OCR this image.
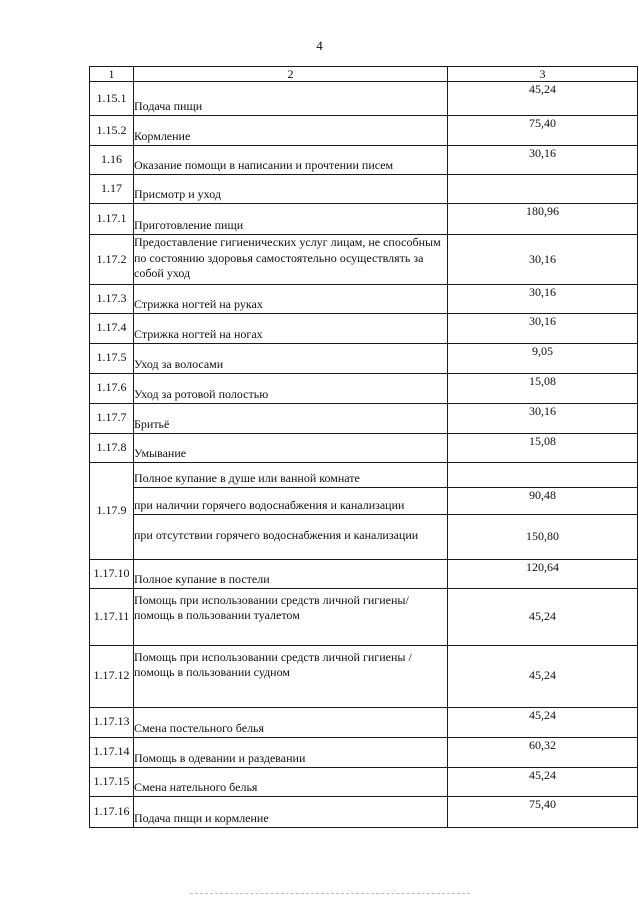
4
1	2	3
1.15.1	Подача пищи	45,24
1.15.2	Кормление	75,40
1.16	Оказание помощи в написании и прочтении писем	30,16
1.17	Присмотр и уход	
1.17.1	Приготовление пищи	180,96
1.17.2	Предоставление гигиенических услуг лицам, не способным по состоянию здоровья самостоятельно осуществлять за собой уход	30,16
1.17.3	Стрижка ногтей на руках	30,16
1.17.4	Стрижка ногтей на ногах	30,16
1.17.5	Уход за волосами	9,05
1.17.6	Уход за ротовой полостью	15,08
1.17.7	Бритьё	30,16
1.17.8	Умывание	15,08
1.17.9	Полное купание в душе или ванной комнате	
	при наличии горячего водоснабжения и канализации	90,48
	при отсутствии горячего водоснабжения и канализации	150,80
1.17.10	Полное купание в постели	120,64
1.17.11	Помощь при использовании средств личной гигиены/помощь в пользовании туалетом	45,24
1.17.12	Помощь при использовании средств личной гигиены / помощь в пользовании судном	45,24
1.17.13	Смена постельного белья	45,24
1.17.14	Помощь в одевании и раздевании	60,32
1.17.15	Смена нательного белья	45,24
1.17.16	Подача пищи и кормление	75,40
